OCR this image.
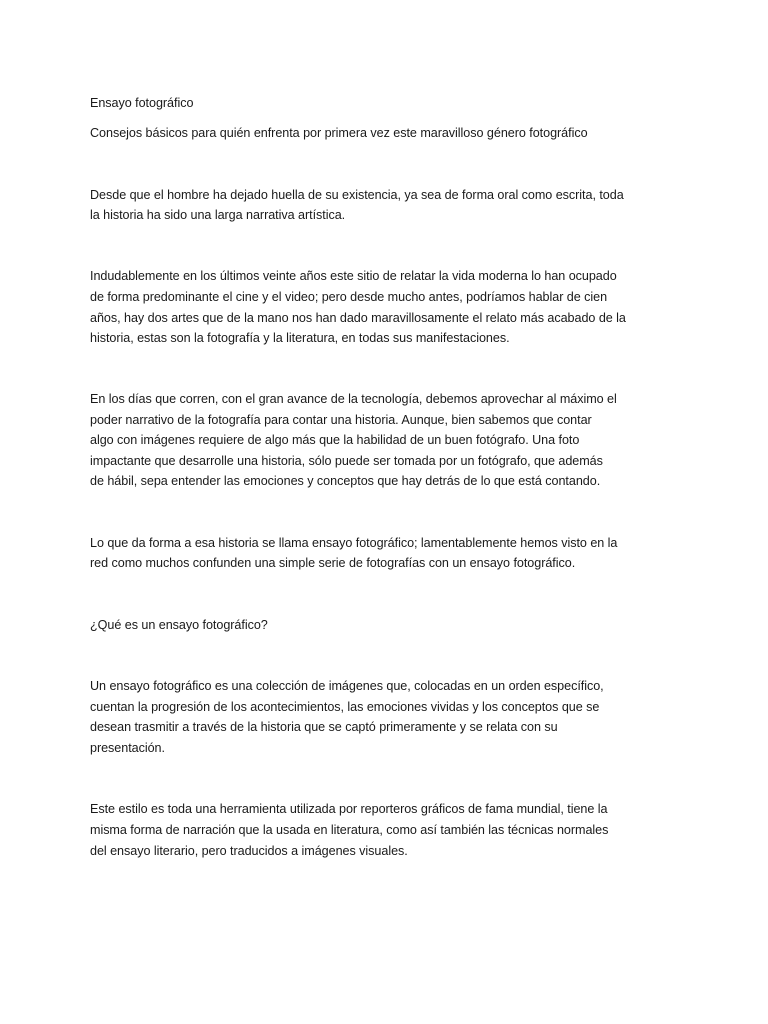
Ensayo fotográfico
Consejos básicos para quién enfrenta por primera vez este maravilloso género fotográfico
Desde que el hombre ha dejado huella de su existencia, ya sea de forma oral como escrita, toda
la historia ha sido una larga narrativa artística.
Indudablemente en los últimos veinte años este sitio de relatar la vida moderna lo han ocupado
de forma predominante el cine y el video; pero desde mucho antes, podríamos hablar de cien
años, hay dos artes que de la mano nos han dado maravillosamente el relato más acabado de la
historia, estas son la fotografía y la literatura, en todas sus manifestaciones.
En los días que corren, con el gran avance de la tecnología, debemos aprovechar al máximo el
poder narrativo de la fotografía para contar una historia. Aunque, bien sabemos que contar
algo con imágenes requiere de algo más que la habilidad de un buen fotógrafo. Una foto
impactante que desarrolle una historia, sólo puede ser tomada por un fotógrafo, que además
de hábil, sepa entender las emociones y conceptos que hay detrás de lo que está contando.
Lo que da forma a esa historia se llama ensayo fotográfico; lamentablemente hemos visto en la
red como muchos confunden una simple serie de fotografías con un ensayo fotográfico.
¿Qué es un ensayo fotográfico?
Un ensayo fotográfico es una colección de imágenes que, colocadas en un orden específico,
cuentan la progresión de los acontecimientos, las emociones vividas y los conceptos que se
desean trasmitir a través de la historia que se captó primeramente y se relata con su
presentación.
Este estilo es toda una herramienta utilizada por reporteros gráficos de fama mundial, tiene la
misma forma de narración que la usada en literatura, como así también las técnicas normales
del ensayo literario, pero traducidos a imágenes visuales.
